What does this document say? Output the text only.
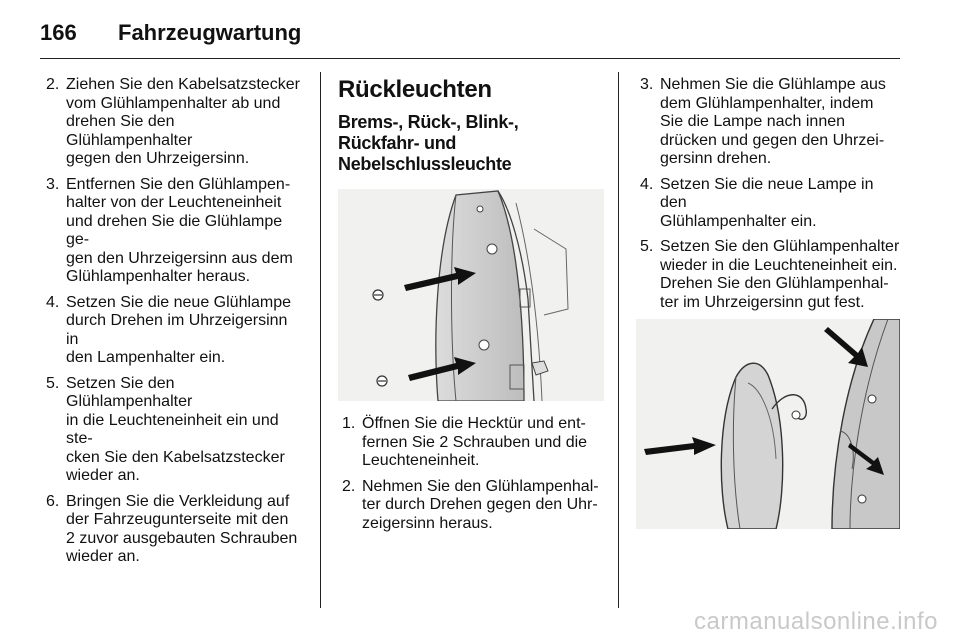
166 Fahrzeugwartung
2. Ziehen Sie den Kabelsatzstecker
vom Glühlampenhalter ab und
drehen Sie den Glühlampenhalter
gegen den Uhrzeigersinn.
3. Entfernen Sie den Glühlampen-
halter von der Leuchteneinheit
und drehen Sie die Glühlampe ge-
gen den Uhrzeigersinn aus dem
Glühlampenhalter heraus.
4. Setzen Sie die neue Glühlampe
durch Drehen im Uhrzeigersinn in
den Lampenhalter ein.
5. Setzen Sie den Glühlampenhalter
in die Leuchteneinheit ein und ste-
cken Sie den Kabelsatzstecker
wieder an.
6. Bringen Sie die Verkleidung auf
der Fahrzeugunterseite mit den
2 zuvor ausgebauten Schrauben
wieder an.
Rückleuchten
Brems-, Rück-, Blink-,
Rückfahr- und
Nebelschlussleuchte
1. Öffnen Sie die Hecktür und ent-
fernen Sie 2 Schrauben und die
Leuchteneinheit.
2. Nehmen Sie den Glühlampenhal-
ter durch Drehen gegen den Uhr-
zeigersinn heraus.
3. Nehmen Sie die Glühlampe aus
dem Glühlampenhalter, indem
Sie die Lampe nach innen
drücken und gegen den Uhrzei-
gersinn drehen.
4. Setzen Sie die neue Lampe in den
Glühlampenhalter ein.
5. Setzen Sie den Glühlampenhalter
wieder in die Leuchteneinheit ein.
Drehen Sie den Glühlampenhal-
ter im Uhrzeigersinn gut fest.
carmanualsonline.info
